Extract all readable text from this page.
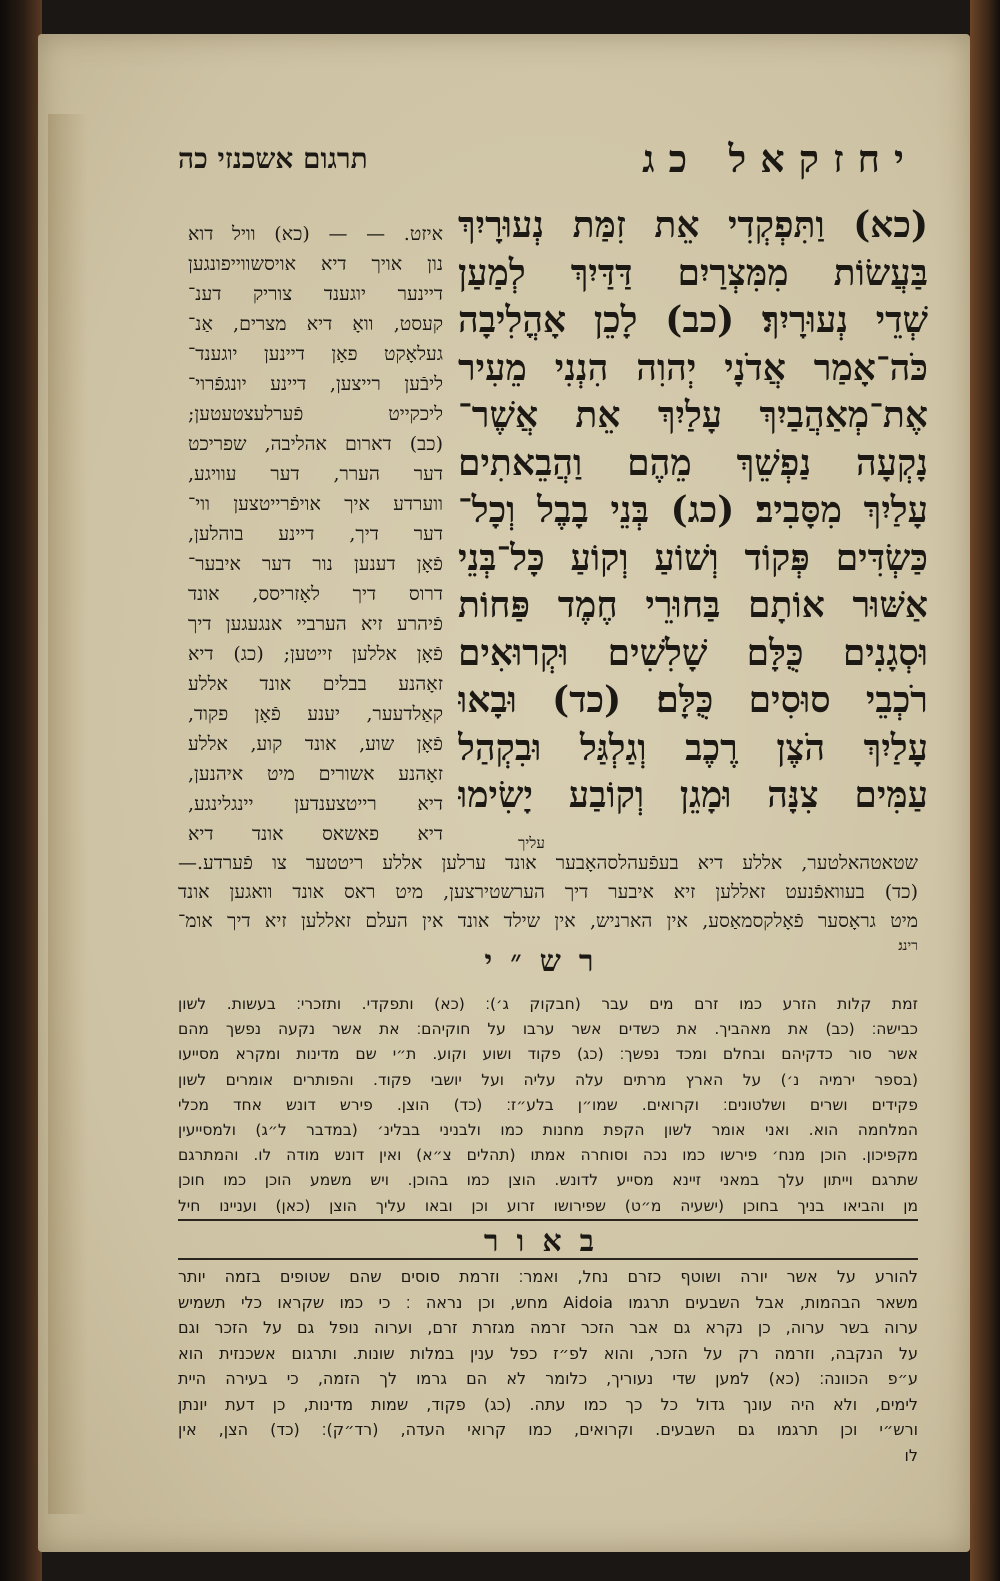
יחזקאל כג
תרגום אשכנזי כה
(כא) וַתִּפְקְדִי אֵת זִמַּת נְעוּרָיִךְ
בַּעֲשׂוֹת מִמִּצְרַיִם דַּדַּיִךְ לְמַעַן
שְׁדֵי נְעוּרָיִךְ׃ (כב) לָכֵן אָהֳלִיבָה
כֹּה־אָמַר אֲדֹנָי יְהוִה הִנְנִי מֵעִיר
אֶת־מְאַהֲבַיִךְ עָלַיִךְ אֵת אֲשֶׁר־
נָקְעָה נַפְשֵׁךְ מֵהֶם וַהֲבֵאתִים
עָלַיִךְ מִסָּבִיב׃ (כג) בְּנֵי בָבֶל וְכָל־
כַּשְׂדִּים פְּקוֹד וְשׁוֹעַ וְקוֹעַ כָּל־בְּנֵי
אַשּׁוּר אוֹתָם בַּחוּרֵי חֶמֶד פַּחוֹת
וּסְגָנִים כֻּלָּם שָׁלִשִׁים וּקְרוּאִים
רֹכְבֵי סוּסִים כֻּלָּם׃ (כד) וּבָאוּ
עָלַיִךְ הֹצֶן רֶכֶב וְגַלְגַּל וּבִקְהַל
עַמִּים צִנָּה וּמָגֵן וְקוֹבַע יָשִׂימוּ
איזט. — — (כא) וויל דוא
נון אויך דיא אויסשווייפונגען
דיינער יוגענד צוריק דענ־
קעסט, וואָ דיא מצרים, אַנ־
געלאָקט פאָן דיינען יוגענד־
ליבֿען רייצען, דיינע יונגפֿרוי־
ליכקייט פֿערלעצטעטען;
(כב) דארום אהליבה, שפריכט
דער הערר, דער עוויגע,
ווערדע איך אויפֿרייטצען ווי־
דער דיך, דיינע בוהלען,
פֿאָן דענען נור דער איבער־
דרוס דיך לאָזריסס, אונד
פֿיהרע זיא הערביי אנגעגען דיך
פֿאָן אללען זייטען; (כג) דיא
זאָהנע בבלים אונד אללע
קאַלדעער, יענע פֿאָן פקוד,
פֿאָן שוע, אונד קוע, אללע
זאָהנע אשורים מיט איהנען,
דיא רייטצענדען יינגלינגע,
דיא פאשאס אונד דיא	עליך
שטאטהאלטער, אללע דיא בעפֿעהלסהאָבער אונד ערלען אללע ריטטער צו פֿערדע.—
(כד) בעוואפֿנעט זאללען זיא איבער דיך הערשטירצען, מיט ראס אונד וואגען אונד
מיט גראָסער פֿאָלקסמאַסע, אין הארניש, אין שילד אונד אין העלם זאללען זיא דיך אומ־
רינג׃
רש״י
זמת קלות הזרע כמו זרם מים עבר (חבקוק ג׳)׃ (כא) ותפקדי. ותזכרי׃ בעשות. לשון
כבישה׃ (כב) את מאהביך. את כשדים אשר ערבו על חוקיהם׃ את אשר נקעה נפשך מהם
אשר סור כדקיהם ובחלם ומכד נפשך׃ (כג) פקוד ושוע וקוע. ת״י שם מדינות ומקרא מסייעו
(בספר ירמיה נ׳) על הארץ מרתים עלה עליה ועל יושבי פקוד. והפותרים אומרים לשון
פקידים ושרים ושלטונים׃ וקרואים. שמו״ן בלע״ז׃ (כד) הוצן. פירש דונש אחד מכלי
המלחמה הוא. ואני אומר לשון הקפת מחנות כמו ולבניני בבלינ׳ (במדבר ל״ג) ולמסייעין
מקפיכון. הוכן מנח׳ פירשו כמו נכה וסוחרה אמתו (תהלים צ״א) ואין דונש מודה לו. והמתרגם
שתרגם וייתון עלך במאני זיינא מסייע לדונש. הוצן כמו בהוכן. ויש משמע הוכן כמו חוכן
מן והביאו בניך בחוכן (ישעיה מ״ט) שפירושו זרוע וכן ובאו עליך הוצן (כאן) ועניינו חיל
באור
להורע על אשר יורה ושוטף כזרם נחל, ואמר׃ וזרמת סוסים שהם שטופים בזמה יותר
משאר הבהמות, אבל השבעים תרגמו Aidoia מחש, וכן נראה ׃ כי כמו שקראו כלי תשמיש
ערוה בשר ערוה, כן נקרא גם אבר הזכר זרמה מגזרת זרם, וערוה נופל גם על הזכר וגם
על הנקבה, וזרמה רק על הזכר, והוא לפ״ז כפל ענין במלות שונות. ותרגום אשכנזית הוא
ע״פ הכוונה׃ (כא) למען שדי נעוריך, כלומר לא הם גרמו לך הזמה, כי בעירה היית
לימים, ולא היה עונך גדול כל כך כמו עתה. (כג) פקוד, שמות מדינות, כן דעת יונתן
ורש״י וכן תרגמו גם השבעים. וקרואים, כמו קרואי העדה, (רד״ק)׃ (כד) הצן, אין
לו
